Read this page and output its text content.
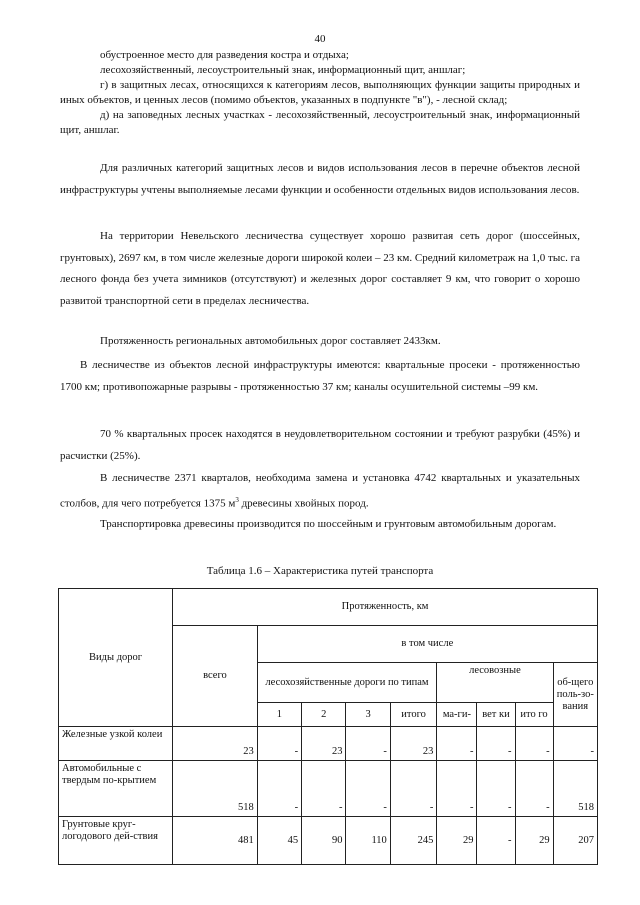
40
обустроенное место для разведения костра и отдыха;
лесохозяйственный, лесоустроительный знак, информационный щит, аншлаг;
г) в защитных лесах, относящихся к категориям лесов, выполняющих функции защиты природных и иных объектов, и ценных лесов (помимо объектов, указанных в подпункте "в"), - лесной склад;
д) на заповедных лесных участках - лесохозяйственный, лесоустроительный знак, информационный щит, аншлаг.

Для различных категорий защитных лесов и видов использования лесов в перечне объектов лесной инфраструктуры учтены выполняемые лесами функции и особенности отдельных видов использования лесов.

На территории Невельского лесничества существует хорошо развитая сеть дорог (шоссейных, грунтовых), 2697 км, в том числе железные дороги широкой колеи – 23 км. Средний километраж на 1,0 тыс. га лесного фонда без учета зимников (отсутствуют) и железных дорог составляет 9 км, что говорит о хорошо развитой транспортной сети в пределах лесничества.

Протяженность региональных автомобильных дорог составляет 2433км.

В лесничестве из объектов лесной инфраструктуры имеются: квартальные просеки - протяженностью 1700 км; противопожарные разрывы - протяженностью 37 км; каналы осушительной системы –99 км.

70 % квартальных просек находятся в неудовлетворительном состоянии и требуют разрубки (45%) и расчистки (25%).

В лесничестве 2371 кварталов, необходима замена и установка 4742 квартальных и указательных столбов, для чего потребуется 1375 $м^3$ древесины хвойных пород.

Транспортировка древесины производится по шоссейным и грунтовым автомобильным дорогам.

Таблица 1.6 – Характеристика путей транспорта
Виды дорог	Протяженность, км								
	всего	в том числе							
		лесохозяйственные дороги по типам				лесовозные			об-щего поль-зо-вания
		1	2	3	итого	ма-ги-	вет ки	ито го	
Железные узкой колеи	23	-	23	-	23	-	-	-	-
Автомобильные с твердым по-крытием	518	-	-	-	-	-	-	-	518
Грунтовые круг-логодового дей-ствия	481	45	90	110	245	29	-	29	207
